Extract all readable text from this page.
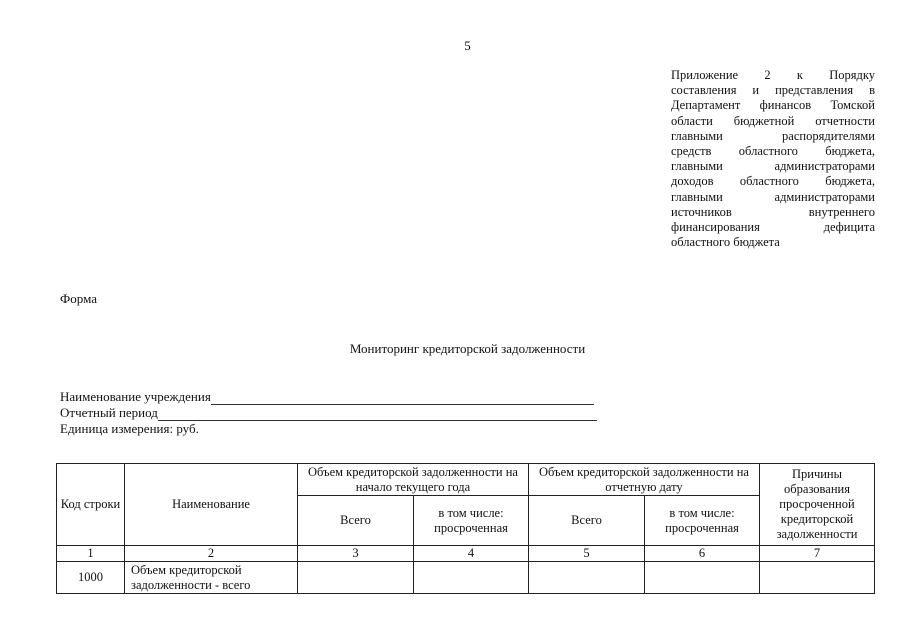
5
Приложение 2 к Порядку
составления и представления в
Департамент финансов Томской
области бюджетной отчетности
главными распорядителями
средств областного бюджета,
главными администраторами
доходов областного бюджета,
главными администраторами
источников внутреннего
финансирования дефицита
областного бюджета
Форма
Мониторинг кредиторской задолженности
Наименование учреждения
Отчетный период
Единица измерения: руб.
Код строки	Наименование	Объем кредиторской задолженности на начало текущего года		Объем кредиторской задолженности на отчетную дату		Причины образования просроченной кредиторской задолженности
		Всего	в том числе: просроченная	Всего	в том числе: просроченная	
1	2	3	4	5	6	7
1000	Объем кредиторской задолженности - всего					
